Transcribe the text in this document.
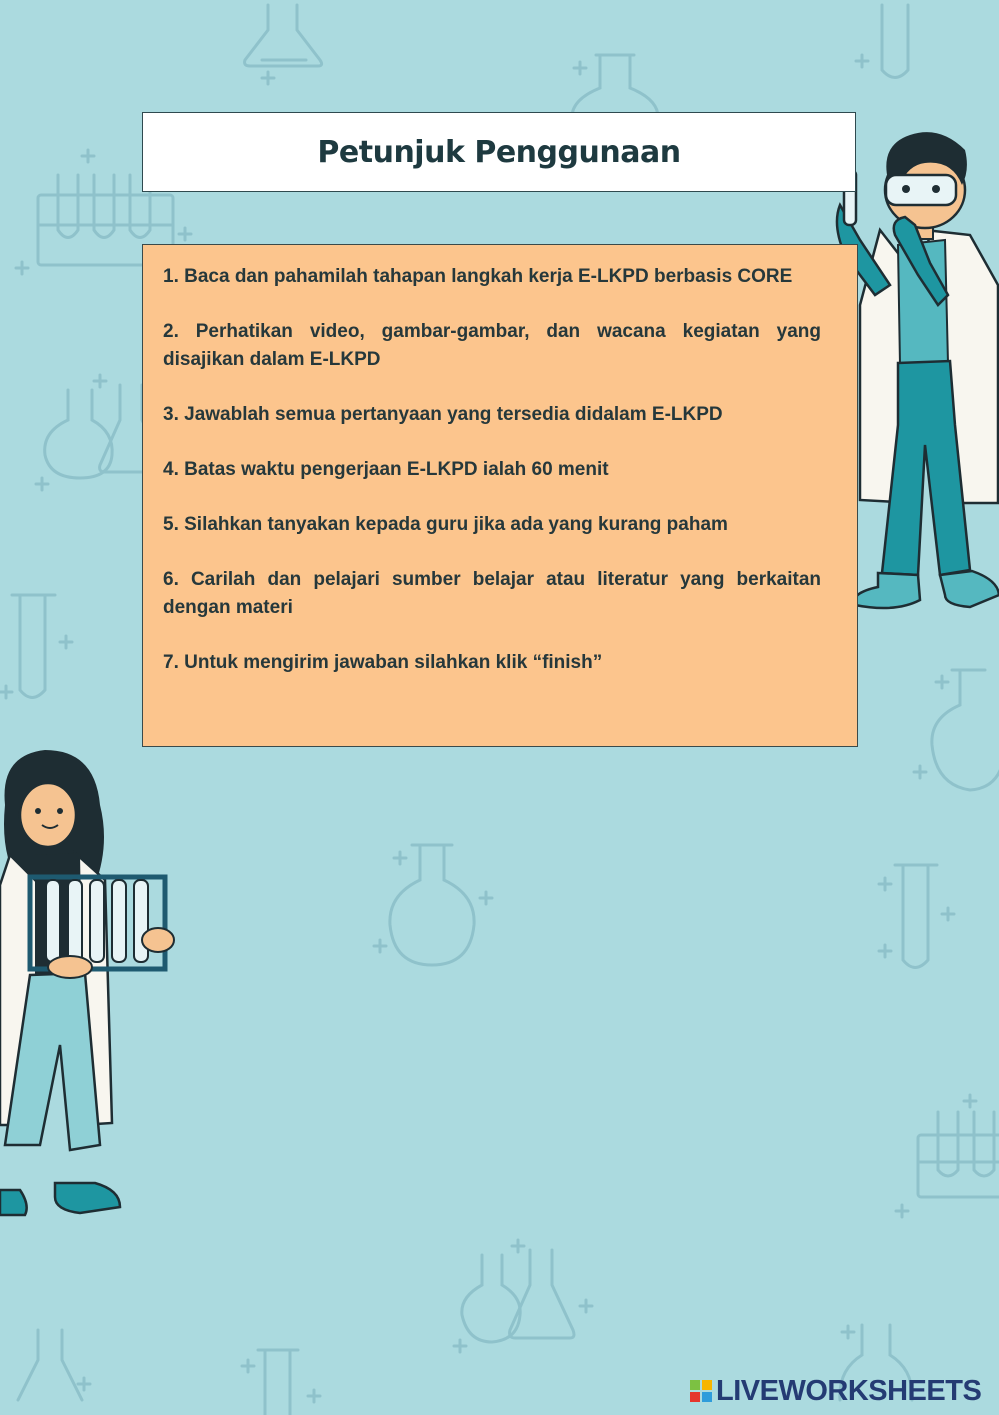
Petunjuk Penggunaan

1. Baca dan pahamilah tahapan langkah kerja E-LKPD berbasis CORE

2. Perhatikan video, gambar-gambar, dan wacana kegiatan yang disajikan dalam E-LKPD

3. Jawablah semua pertanyaan yang tersedia didalam E-LKPD

4. Batas waktu pengerjaan E-LKPD ialah 60 menit

5. Silahkan tanyakan kepada guru jika ada yang kurang paham

6. Carilah dan pelajari sumber belajar atau literatur yang berkaitan dengan materi

7. Untuk mengirim jawaban silahkan klik “finish”

LIVEWORKSHEETS
